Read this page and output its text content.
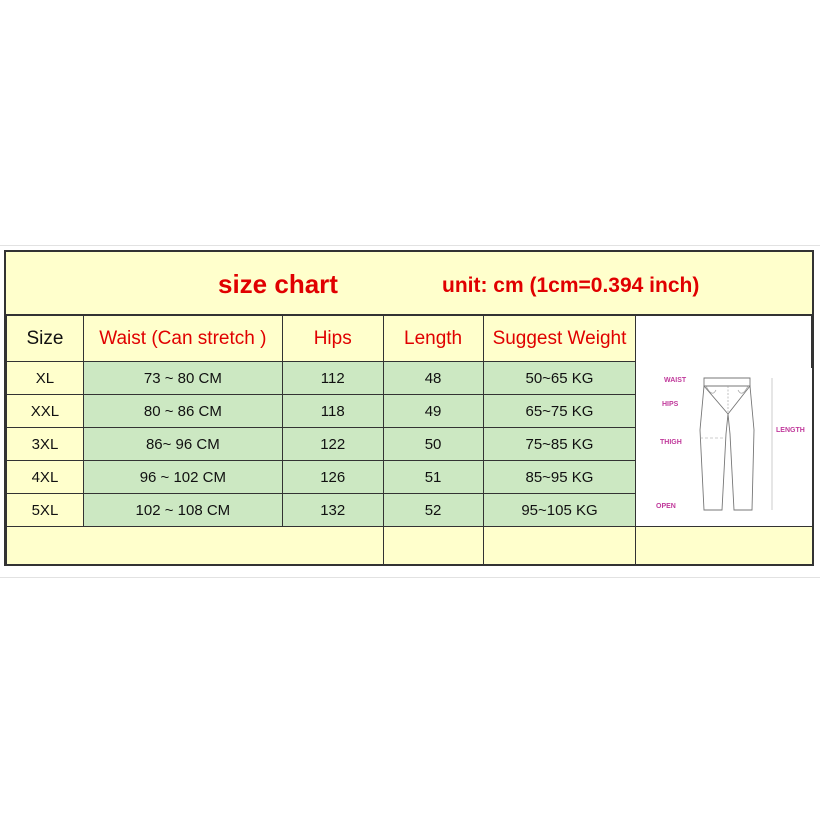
size chart	unit: cm (1cm=0.394 inch)
Size	Waist (Can stretch )	Hips	Length	Suggest Weight	
XL	73 ~ 80 CM	112	48	50~65 KG	
XXL	80 ~ 86 CM	118	49	65~75 KG	
3XL	86~ 96 CM	122	50	75~85 KG	
4XL	96 ~ 102 CM	126	51	85~95 KG	
5XL	102 ~ 108 CM	132	52	95~105 KG	

WAIST
HIPS
THIGH
OPEN
LENGTH
